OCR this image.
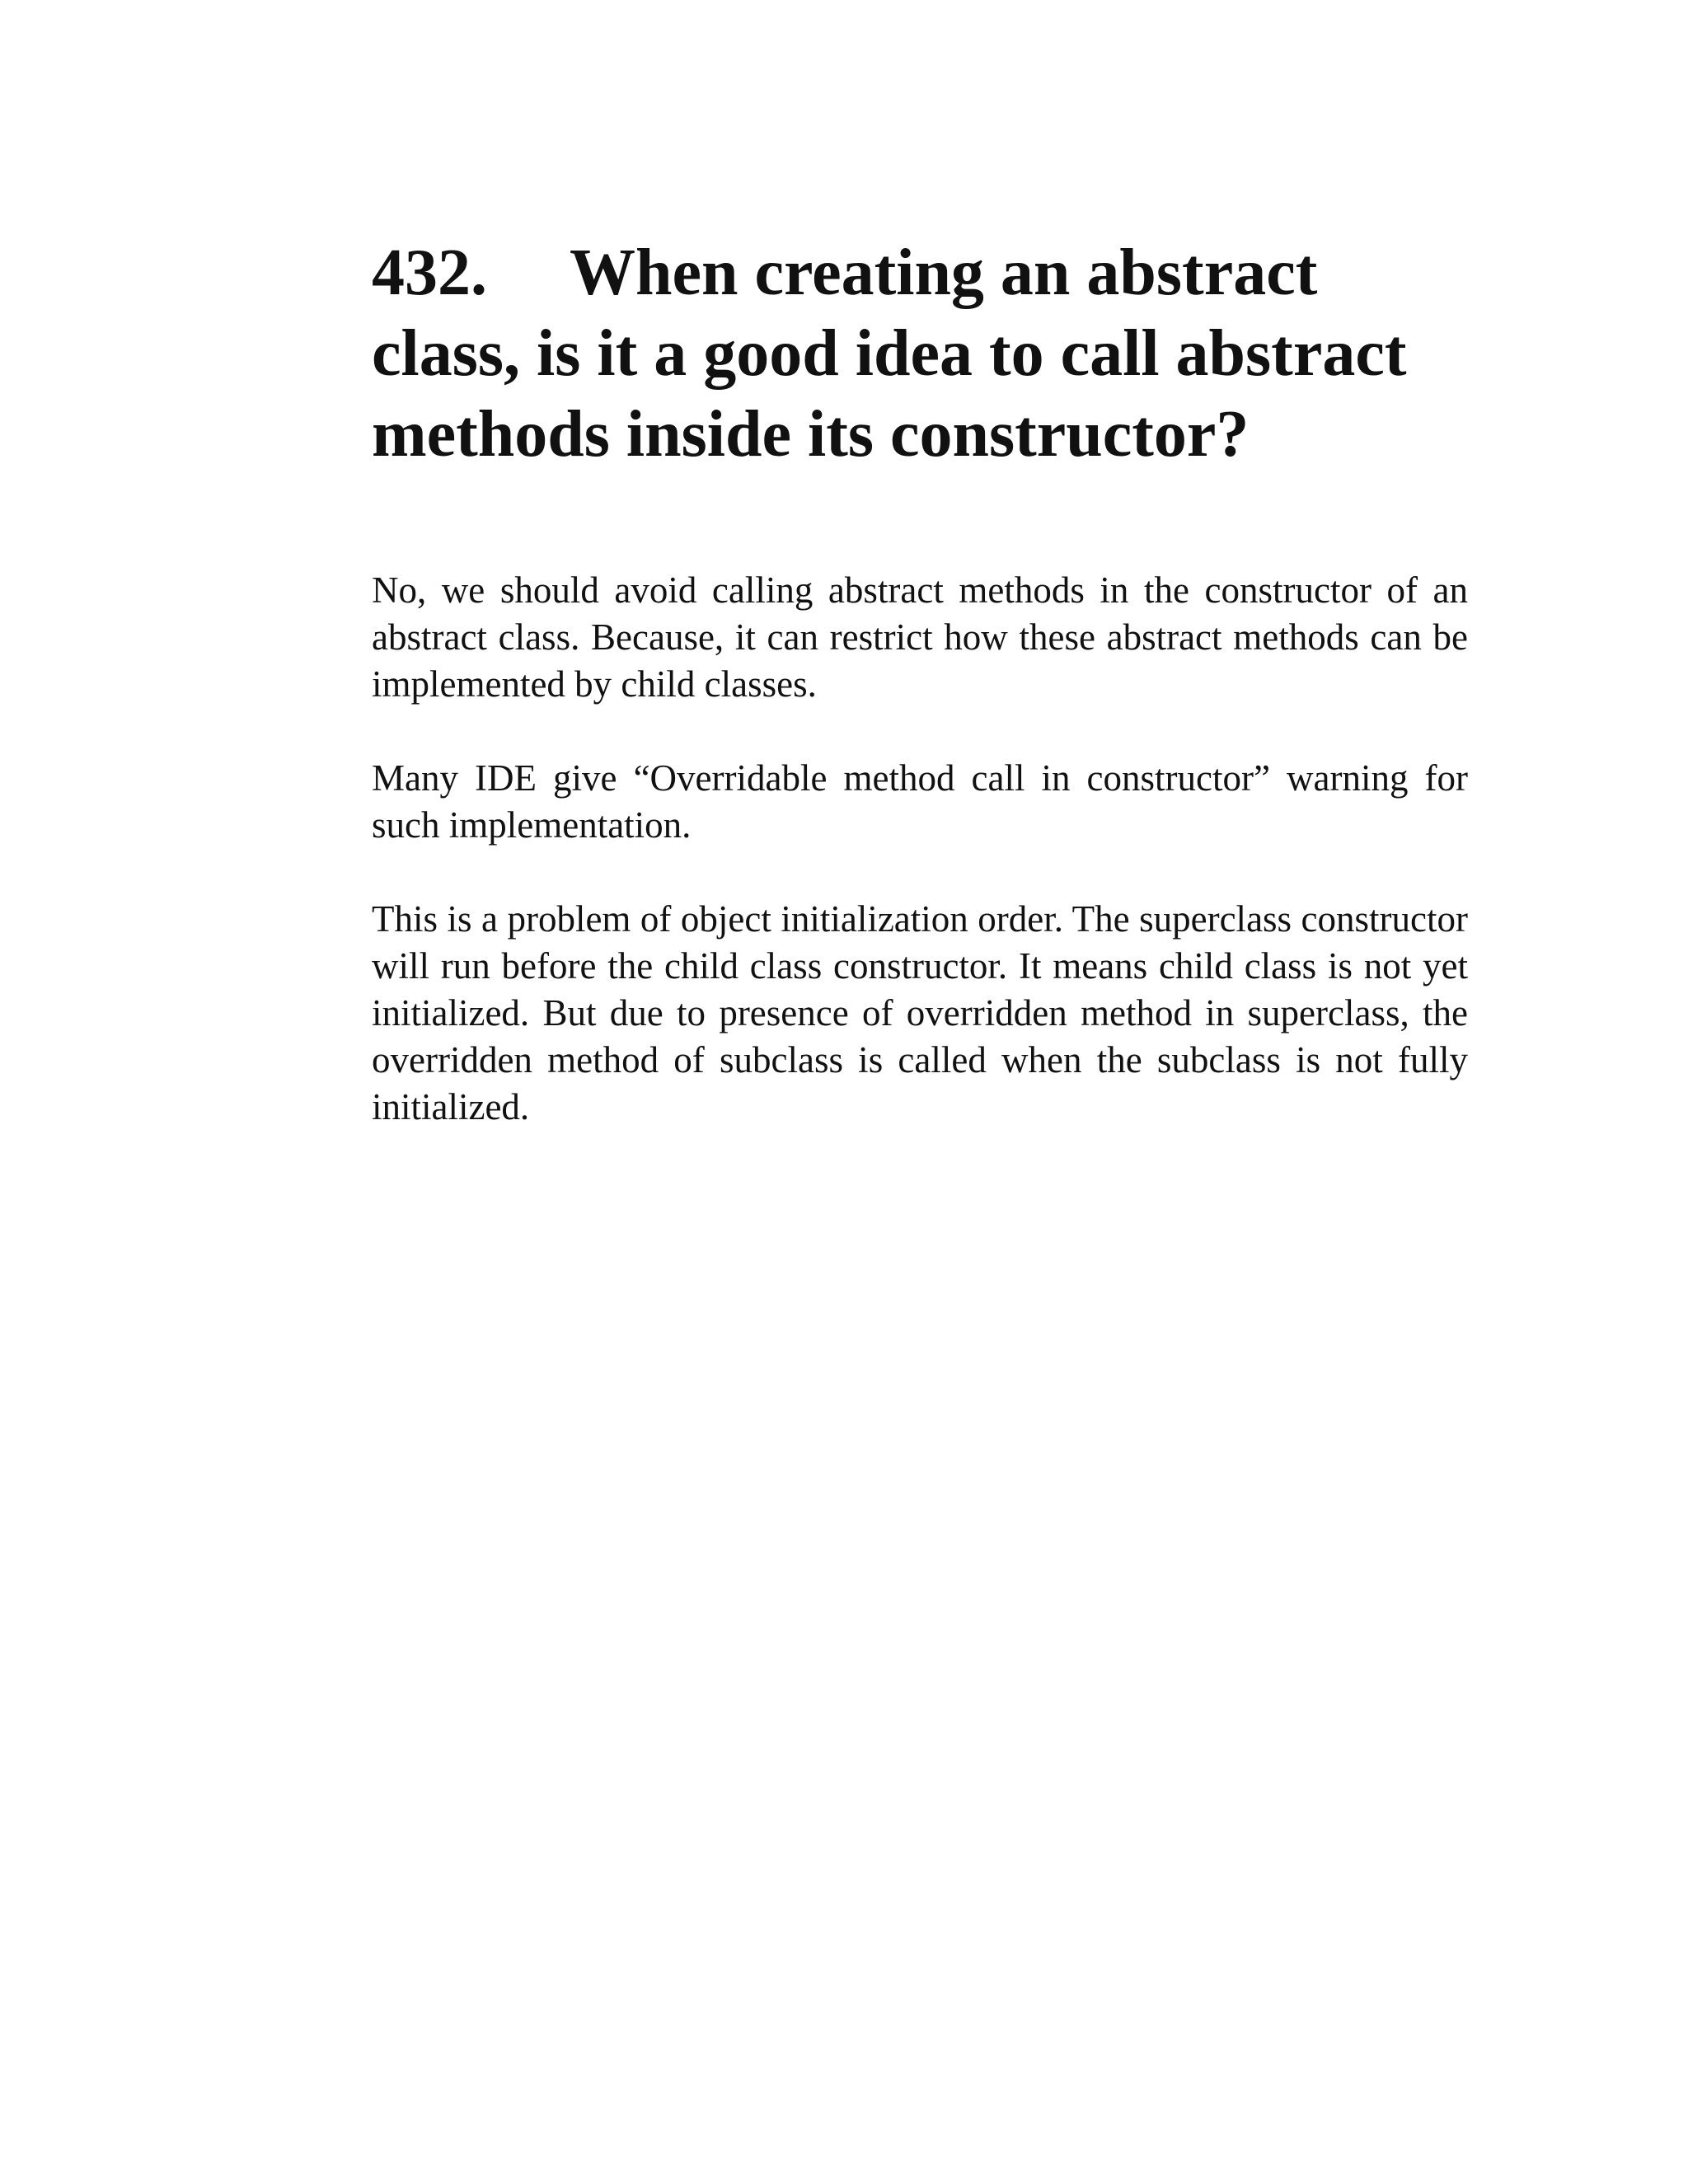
432. When creating an abstract class, is it a good idea to call abstract methods inside its constructor?

No, we should avoid calling abstract methods in the constructor of an abstract class. Because, it can restrict how these abstract methods can be implemented by child classes.

Many IDE give “Overridable method call in constructor” warning for such implementation.

This is a problem of object initialization order. The superclass constructor will run before the child class constructor. It means child class is not yet initialized. But due to presence of overridden method in superclass, the overridden method of subclass is called when the subclass is not fully initialized.
